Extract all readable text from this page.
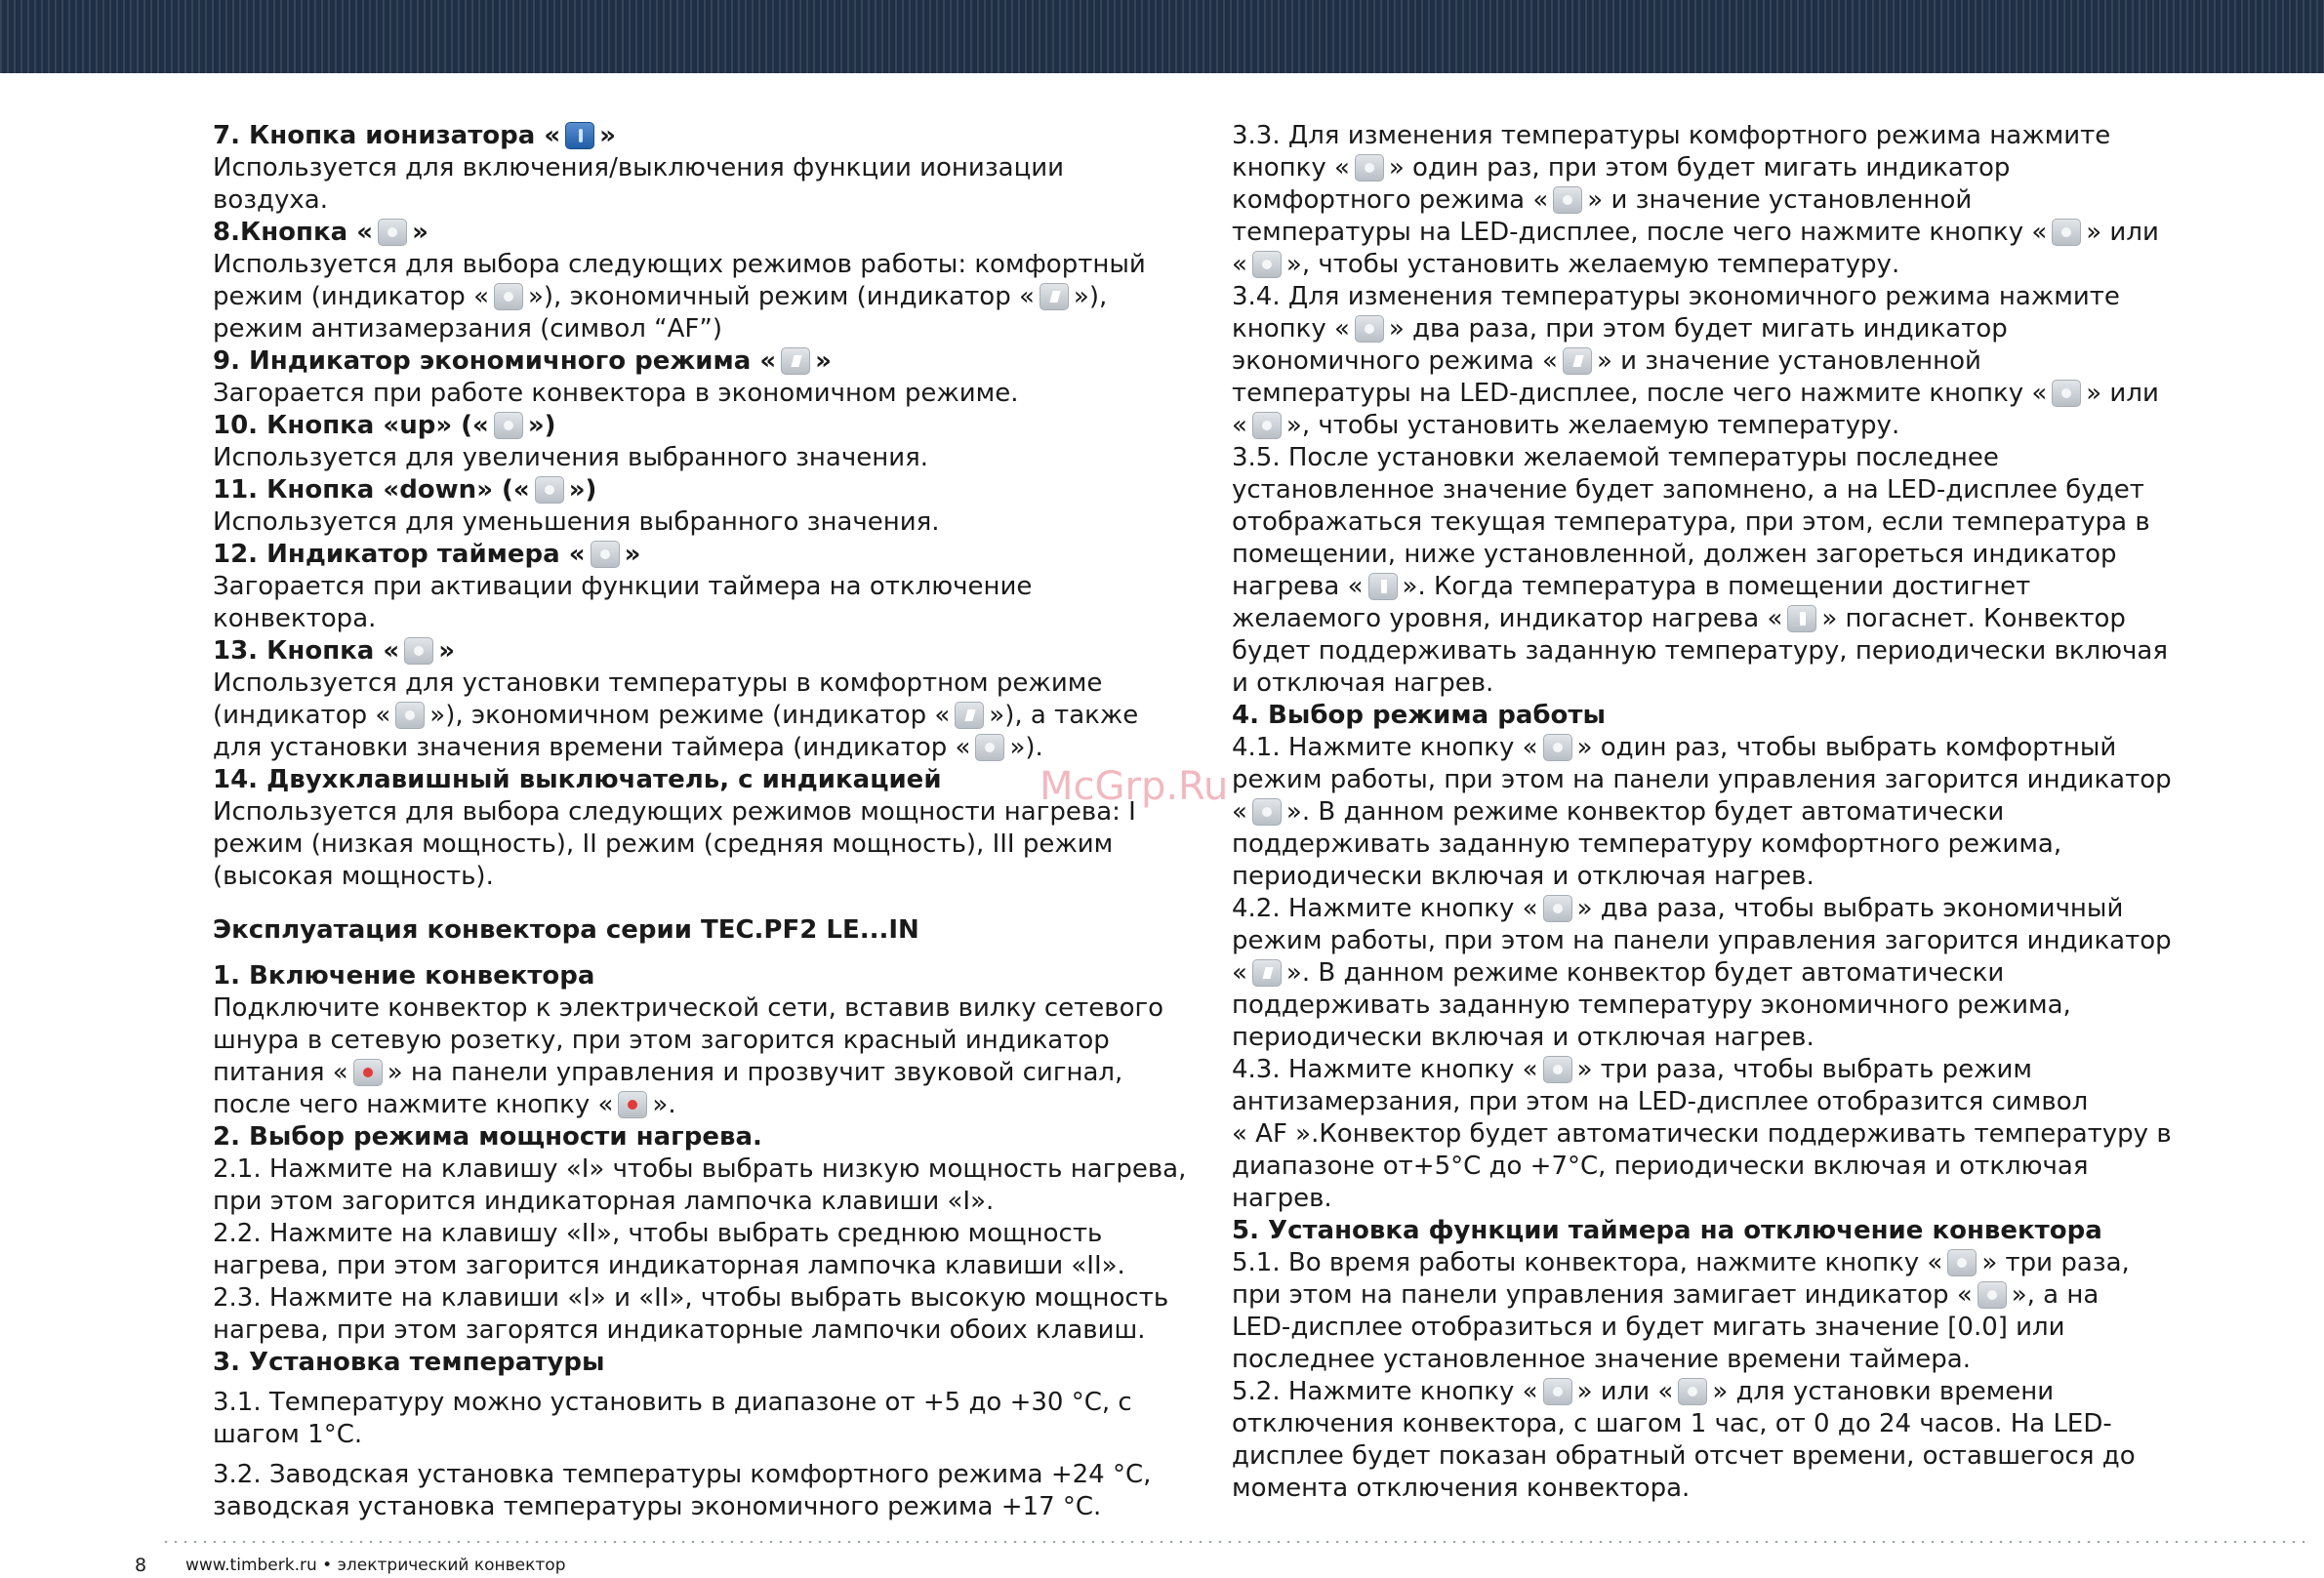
7. Кнопка ионизатора « »

Используется для включения/выключения функции ионизации

воздуха.

8.Кнопка « »

Используется для выбора следующих режимов работы: комфортный

режим (индикатор « »), экономичный режим (индикатор « »),

режим антизамерзания (символ “AF”)

9. Индикатор экономичного режима « »

Загорается при работе конвектора в экономичном режиме.

10. Кнопка «up» (« »)

Используется для увеличения выбранного значения.

11. Кнопка «down» (« »)

Используется для уменьшения выбранного значения.

12. Индикатор таймера « »

Загорается при активации функции таймера на отключение

конвектора.

13. Кнопка « »

Используется для установки температуры в комфортном режиме

(индикатор « »), экономичном режиме (индикатор « »), а также

для установки значения времени таймера (индикатор « »).

14. Двухклавишный выключатель, с индикацией

Используется для выбора следующих режимов мощности нагрева: I

режим (низкая мощность), II режим (средняя мощность), III режим

(высокая мощность).

Эксплуатация конвектора серии TEC.PF2 LE...IN

1. Включение конвектора

Подключите конвектор к электрической сети, вставив вилку сетевого

шнура в сетевую розетку, при этом загорится красный индикатор

питания « » на панели управления и прозвучит звуковой сигнал,

после чего нажмите кнопку « ».

2. Выбор режима мощности нагрева.

2.1. Нажмите на клавишу «I» чтобы выбрать низкую мощность нагрева,

при этом загорится индикаторная лампочка клавиши «I».

2.2. Нажмите на клавишу «II», чтобы выбрать среднюю мощность

нагрева, при этом загорится индикаторная лампочка клавиши «II».

2.3. Нажмите на клавиши «I» и «II», чтобы выбрать высокую мощность

нагрева, при этом загорятся индикаторные лампочки обоих клавиш.

3. Установка температуры

3.1. Температуру можно установить в диапазоне от +5 до +30 °С, с

шагом 1°С.

3.2. Заводская установка температуры комфортного режима +24 °С,

заводская установка температуры экономичного режима +17 °С.

3.3. Для изменения температуры комфортного режима нажмите

кнопку « » один раз, при этом будет мигать индикатор

комфортного режима « » и значение установленной

температуры на LED-дисплее, после чего нажмите кнопку « » или

« », чтобы установить желаемую температуру.

3.4. Для изменения температуры экономичного режима нажмите

кнопку « » два раза, при этом будет мигать индикатор

экономичного режима « » и значение установленной

температуры на LED-дисплее, после чего нажмите кнопку « » или

« », чтобы установить желаемую температуру.

3.5. После установки желаемой температуры последнее

установленное значение будет запомнено, а на LED-дисплее будет

отображаться текущая температура, при этом, если температура в

помещении, ниже установленной, должен загореться индикатор

нагрева « ». Когда температура в помещении достигнет

желаемого уровня, индикатор нагрева « » погаснет. Конвектор

будет поддерживать заданную температуру, периодически включая

и отключая нагрев.

4. Выбор режима работы

4.1. Нажмите кнопку « » один раз, чтобы выбрать комфортный

режим работы, при этом на панели управления загорится индикатор

« ». В данном режиме конвектор будет автоматически

поддерживать заданную температуру комфортного режима,

периодически включая и отключая нагрев.

4.2. Нажмите кнопку « » два раза, чтобы выбрать экономичный

режим работы, при этом на панели управления загорится индикатор

« ». В данном режиме конвектор будет автоматически

поддерживать заданную температуру экономичного режима,

периодически включая и отключая нагрев.

4.3. Нажмите кнопку « » три раза, чтобы выбрать режим

антизамерзания, при этом на LED-дисплее отобразится символ

« AF ».Конвектор будет автоматически поддерживать температуру в

диапазоне от+5°С до +7°С, периодически включая и отключая

нагрев.

5. Установка функции таймера на отключение конвектора

5.1. Во время работы конвектора, нажмите кнопку « » три раза,

при этом на панели управления замигает индикатор « », а на

LED-дисплее отобразиться и будет мигать значение [0.0] или

последнее установленное значение времени таймера.

5.2. Нажмите кнопку « » или « » для установки времени

отключения конвектора, с шагом 1 час, от 0 до 24 часов. На LED-

дисплее будет показан обратный отсчет времени, оставшегося до

момента отключения конвектора.

McGrp.Ru
8 www.timberk.ru • электрический конвектор
